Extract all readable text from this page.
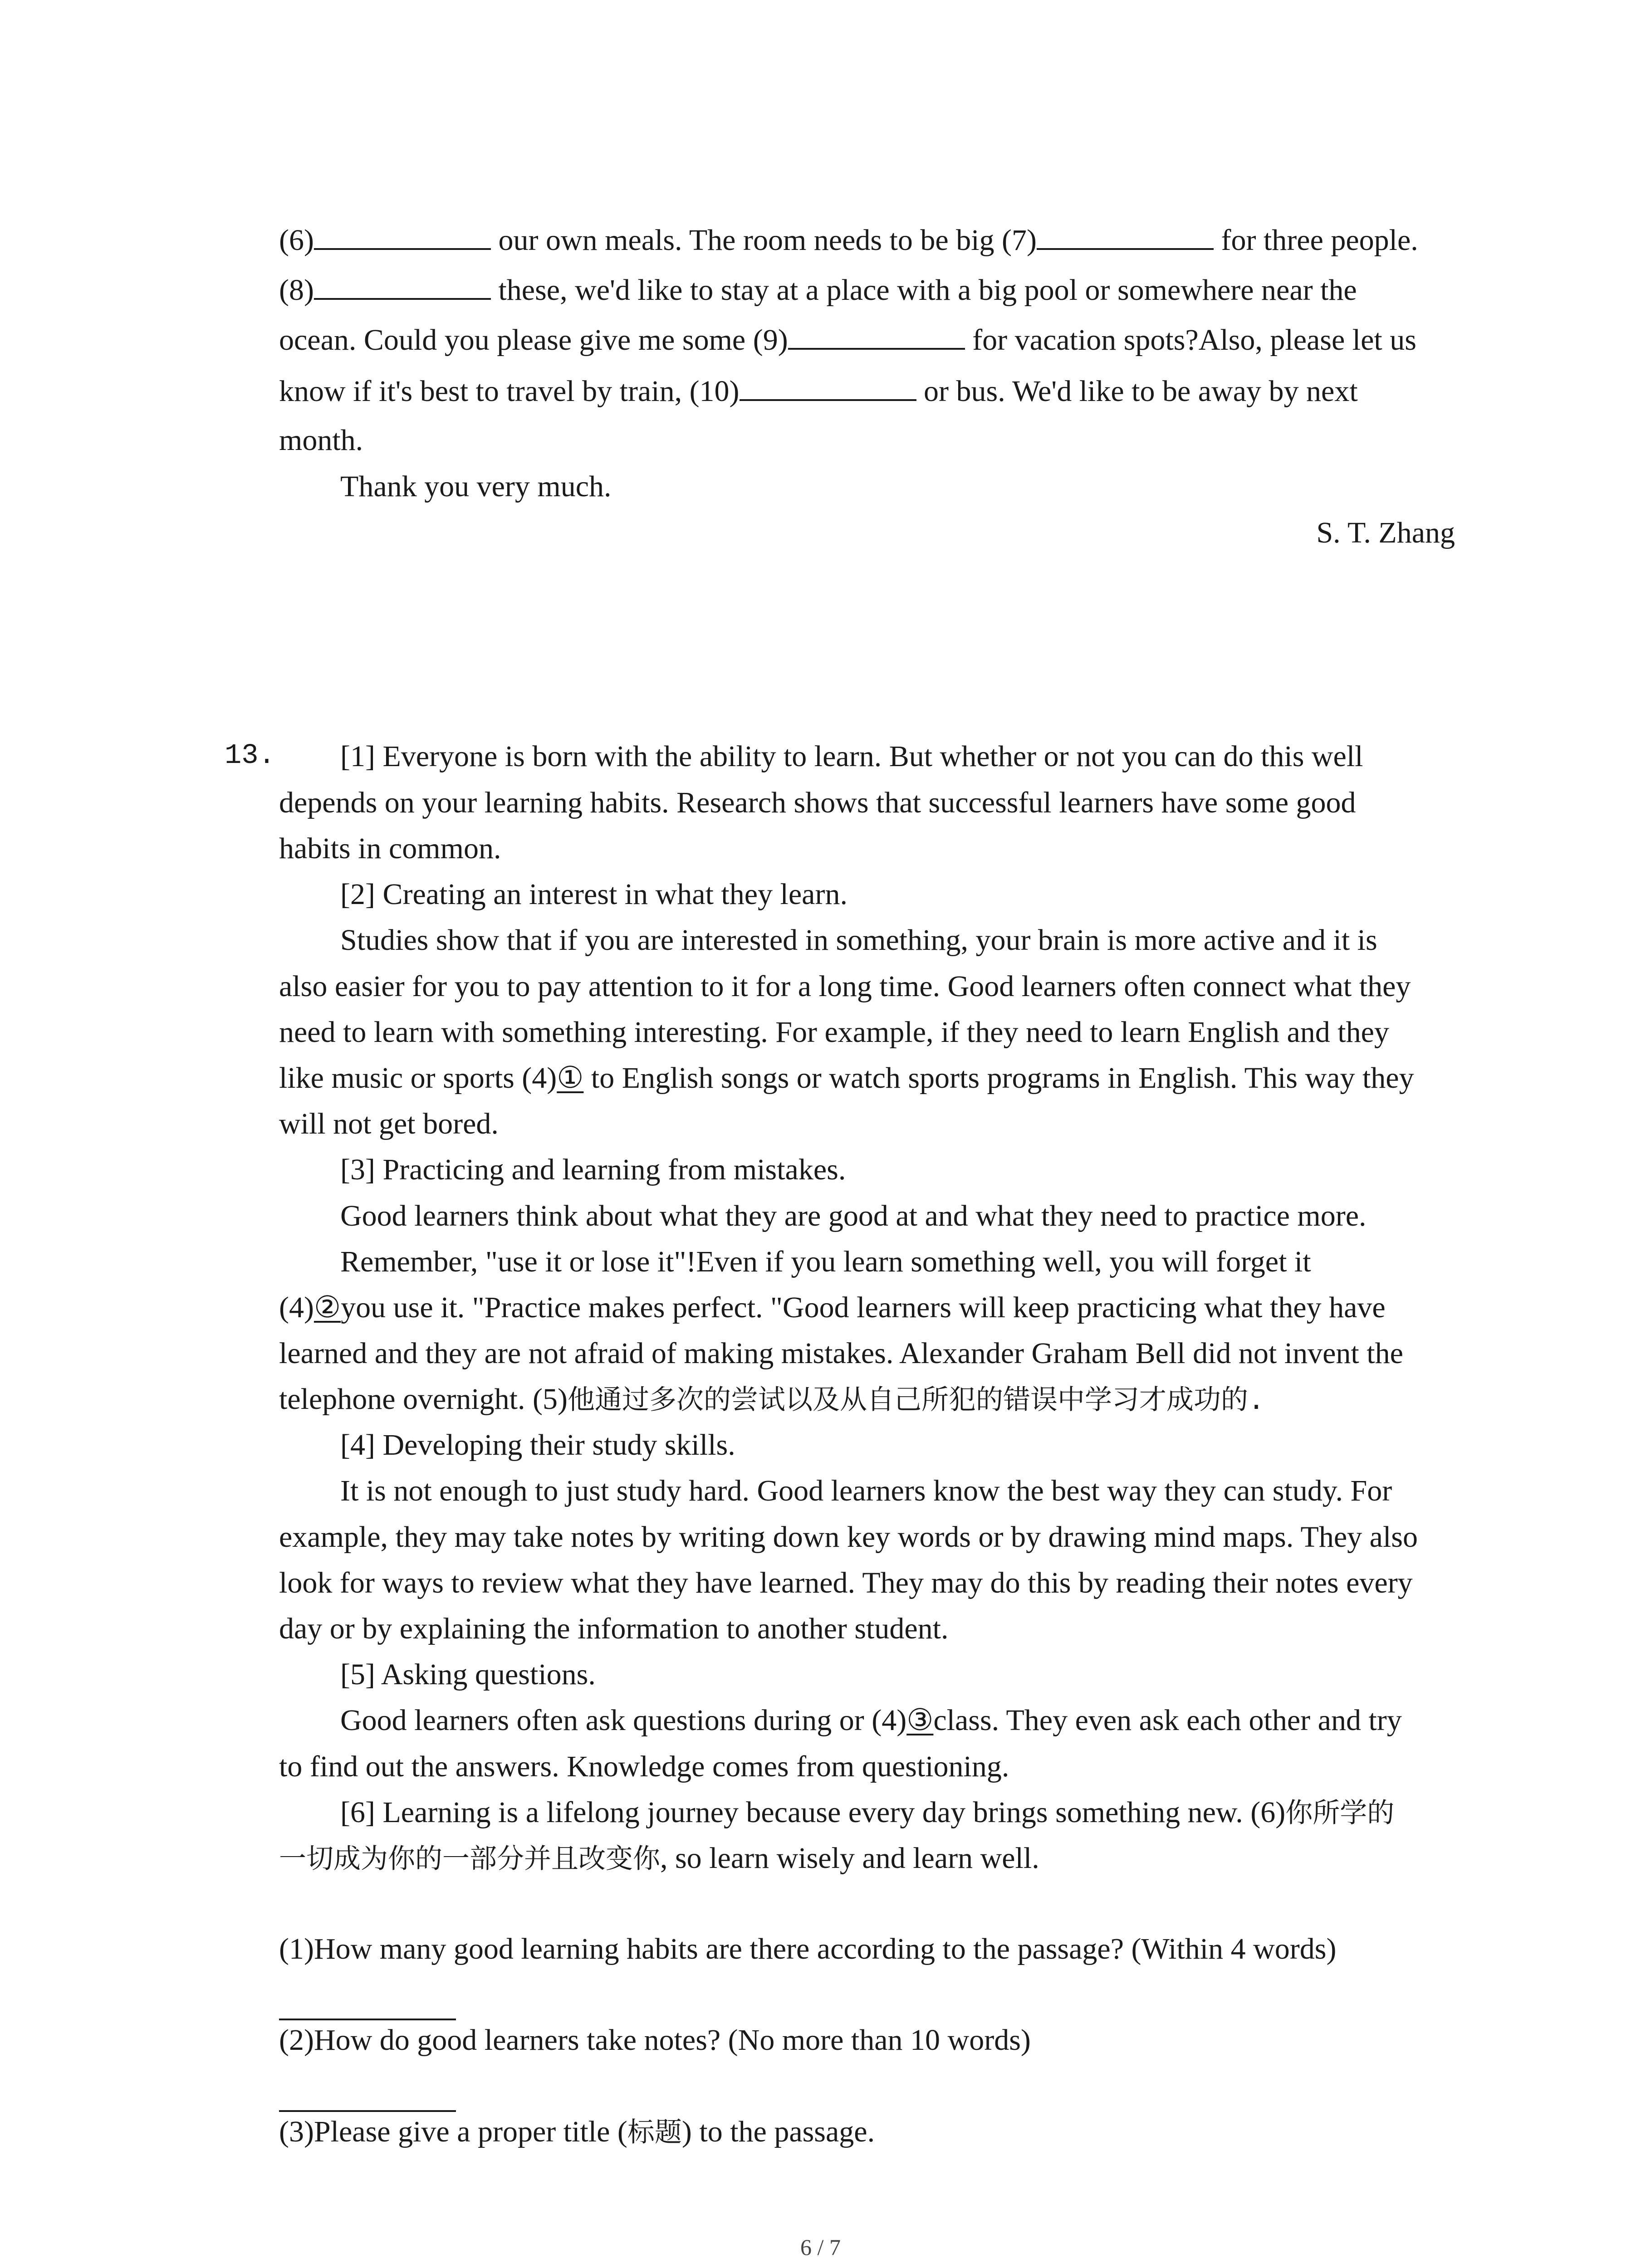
(6)	our own meals. The room needs to be big (7)	for three people.
(8)	these, we'd like to stay at a place with a big pool or somewhere near the
ocean. Could you please give me some (9)	for vacation spots?Also, please let us
know if it's best to travel by train, (10)	or bus. We'd like to be away by next
month.
Thank you very much.
S. T. Zhang
13. [1] Everyone is born with the ability to learn. But whether or not you can do this well
depends on your learning habits. Research shows that successful learners have some good
habits in common.
[2] Creating an interest in what they learn.
Studies show that if you are interested in something, your brain is more active and it is
also easier for you to pay attention to it for a long time. Good learners often connect what they
need to learn with something interesting. For example, if they need to learn English and they
like music or sports (4)① to English songs or watch sports programs in English. This way they
will not get bored.
[3] Practicing and learning from mistakes.
Good learners think about what they are good at and what they need to practice more.
Remember, "use it or lose it"!Even if you learn something well, you will forget it
(4)②you use it. "Practice makes perfect. "Good learners will keep practicing what they have
learned and they are not afraid of making mistakes. Alexander Graham Bell did not invent the
telephone overnight. (5)他通过多次的尝试以及从自己所犯的错误中学习才成功的.
[4] Developing their study skills.
It is not enough to just study hard. Good learners know the best way they can study. For
example, they may take notes by writing down key words or by drawing mind maps. They also
look for ways to review what they have learned. They may do this by reading their notes every
day or by explaining the information to another student.
[5] Asking questions.
Good learners often ask questions during or (4)③class. They even ask each other and try
to find out the answers. Knowledge comes from questioning.
[6] Learning is a lifelong journey because every day brings something new. (6)你所学的
一切成为你的一部分并且改变你, so learn wisely and learn well.
(1)How many good learning habits are there according to the passage? (Within 4 words)
(2)How do good learners take notes? (No more than 10 words)
(3)Please give a proper title (标题) to the passage.
6 / 7
